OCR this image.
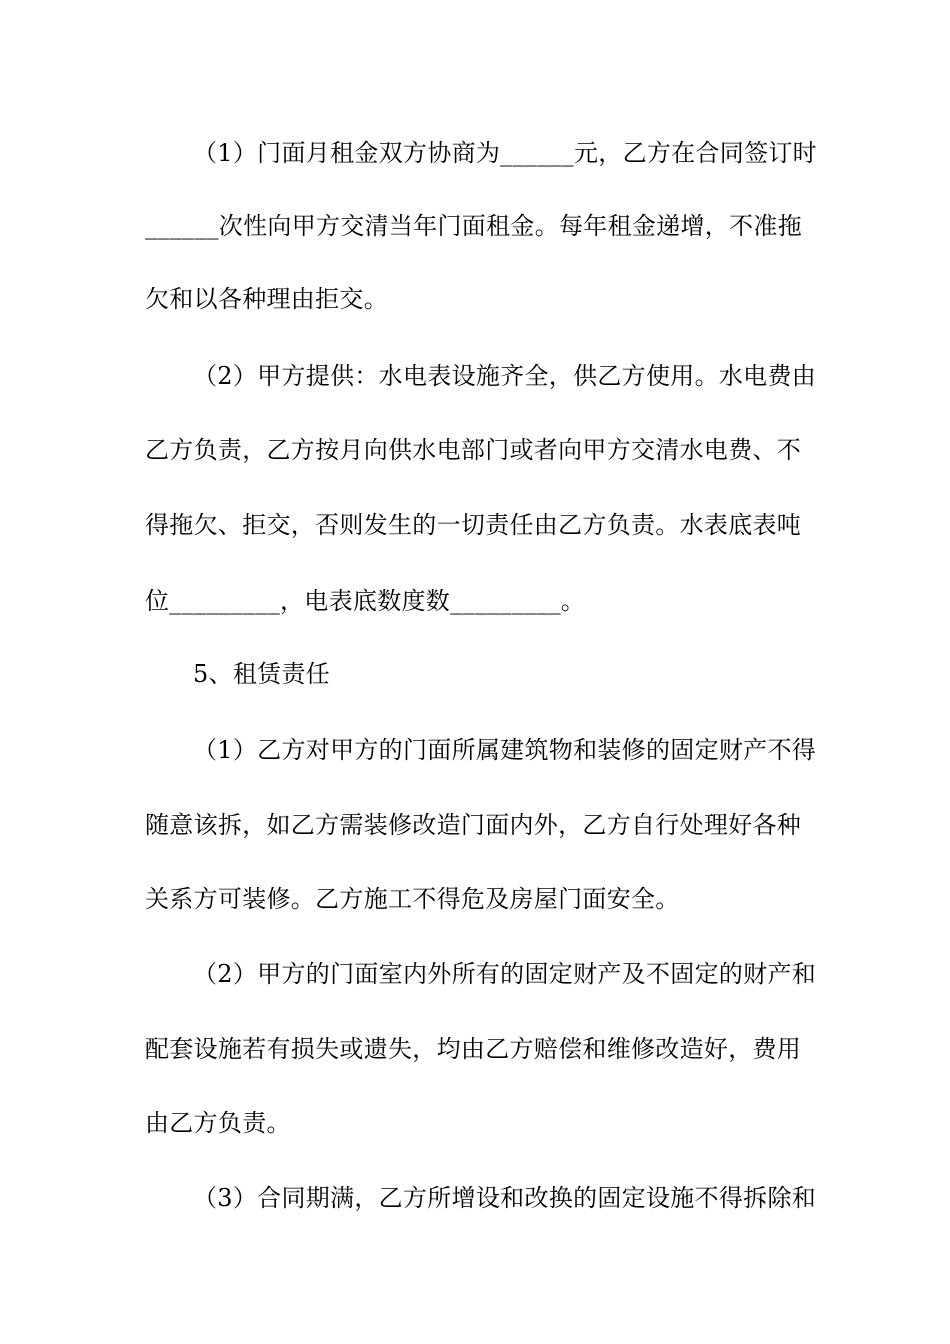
（1）门面月租金双方协商为______元，乙方在合同签订时
______次性向甲方交清当年门面租金。每年租金递增，不准拖
欠和以各种理由拒交。
（2）甲方提供：水电表设施齐全，供乙方使用。水电费由
乙方负责，乙方按月向供水电部门或者向甲方交清水电费、不
得拖欠、拒交，否则发生的一切责任由乙方负责。水表底表吨
位_________，电表底数度数_________。
5、租赁责任
（1）乙方对甲方的门面所属建筑物和装修的固定财产不得
随意该拆，如乙方需装修改造门面内外，乙方自行处理好各种
关系方可装修。乙方施工不得危及房屋门面安全。
（2）甲方的门面室内外所有的固定财产及不固定的财产和
配套设施若有损失或遗失，均由乙方赔偿和维修改造好，费用
由乙方负责。
（3）合同期满，乙方所增设和改换的固定设施不得拆除和
